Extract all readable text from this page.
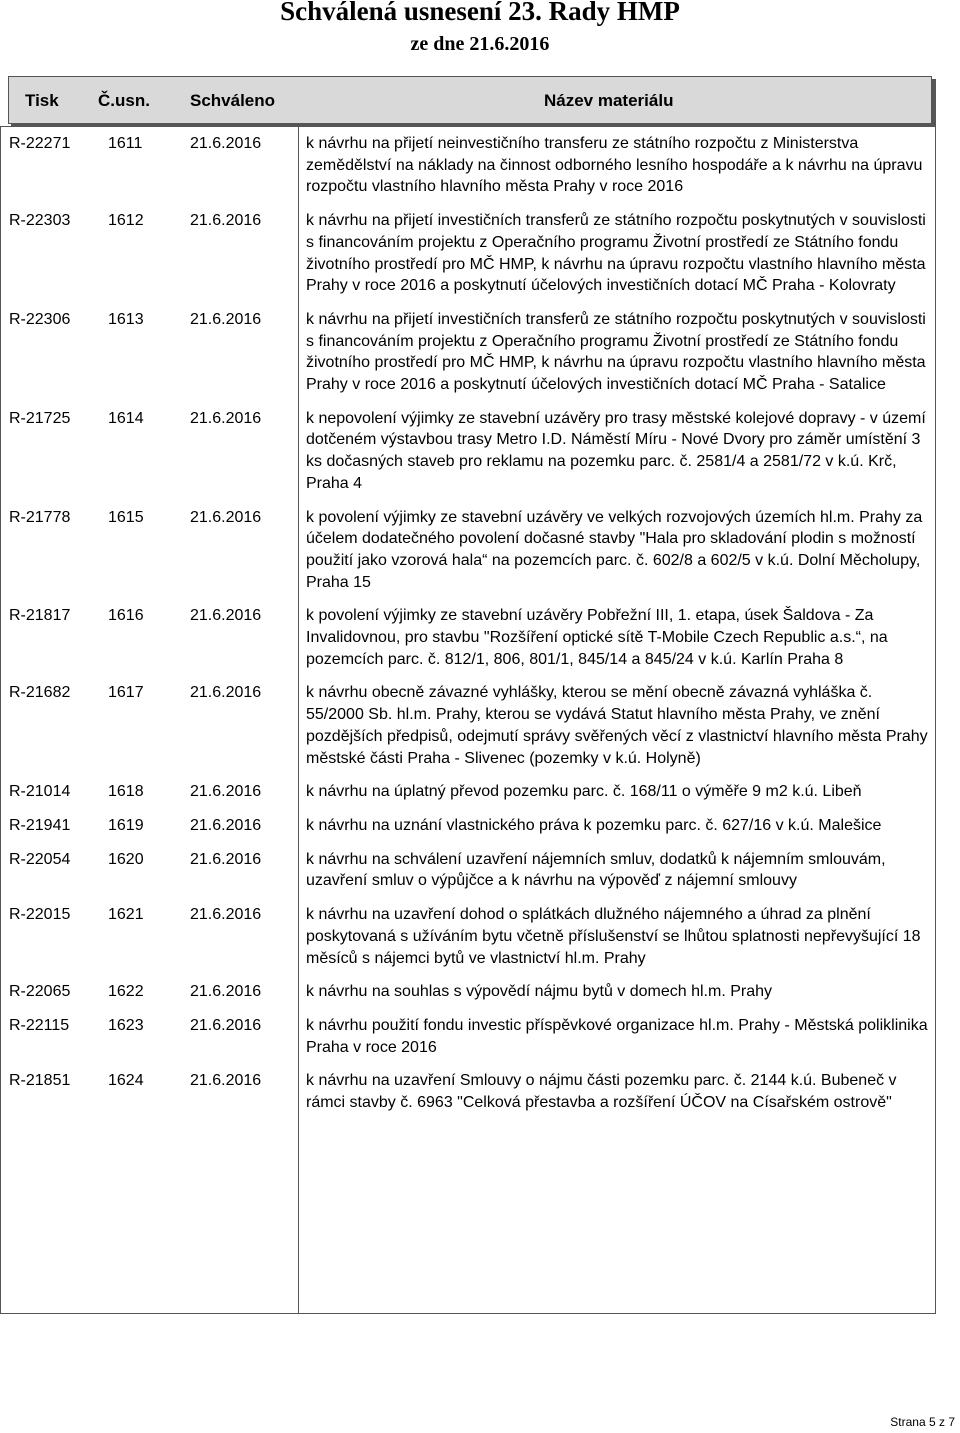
Schválená usnesení 23. Rady HMP
ze dne 21.6.2016
Tisk Č.usn. Schváleno	Název materiálu
R-22271 1611	21.6.2016	k návrhu na přijetí neinvestičního transferu ze státního rozpočtu z Ministerstva zemědělství na náklady na činnost odborného lesního hospodáře a k návrhu na úpravu rozpočtu vlastního hlavního města Prahy v roce 2016
R-22303 1612	21.6.2016	k návrhu na přijetí investičních transferů ze státního rozpočtu poskytnutých v souvislosti s financováním projektu z Operačního programu Životní prostředí ze Státního fondu životního prostředí pro MČ HMP, k návrhu na úpravu rozpočtu vlastního hlavního města Prahy v roce 2016 a poskytnutí účelových investičních dotací MČ Praha - Kolovraty
R-22306 1613	21.6.2016	k návrhu na přijetí investičních transferů ze státního rozpočtu poskytnutých v souvislosti s financováním projektu z Operačního programu Životní prostředí ze Státního fondu životního prostředí pro MČ HMP, k návrhu na úpravu rozpočtu vlastního hlavního města Prahy v roce 2016 a poskytnutí účelových investičních dotací MČ Praha - Satalice
R-21725 1614	21.6.2016	k nepovolení výjimky ze stavební uzávěry pro trasy městské kolejové dopravy - v území dotčeném výstavbou trasy Metro I.D. Náměstí Míru - Nové Dvory pro záměr umístění 3 ks dočasných staveb pro reklamu na pozemku parc. č. 2581/4 a 2581/72 v k.ú. Krč, Praha 4
R-21778 1615	21.6.2016	k povolení výjimky ze stavební uzávěry ve velkých rozvojových územích hl.m. Prahy za účelem dodatečného povolení dočasné stavby "Hala pro skladování plodin s možností použití jako vzorová hala“ na pozemcích parc. č. 602/8 a 602/5 v k.ú. Dolní Měcholupy, Praha 15
R-21817 1616	21.6.2016	k povolení výjimky ze stavební uzávěry Pobřežní III, 1. etapa, úsek Šaldova - Za Invalidovnou, pro stavbu "Rozšíření optické sítě T-Mobile Czech Republic a.s.“, na pozemcích parc. č. 812/1, 806, 801/1, 845/14 a 845/24 v k.ú. Karlín Praha 8
R-21682 1617	21.6.2016	k návrhu obecně závazné vyhlášky, kterou se mění obecně závazná vyhláška č. 55/2000 Sb. hl.m. Prahy, kterou se vydává Statut hlavního města Prahy, ve znění pozdějších předpisů, odejmutí správy svěřených věcí z vlastnictví hlavního města Prahy městské části Praha - Slivenec (pozemky v k.ú. Holyně)
R-21014 1618	21.6.2016	k návrhu na úplatný převod pozemku parc. č. 168/11 o výměře 9 m2 k.ú. Libeň
R-21941 1619	21.6.2016	k návrhu na uznání vlastnického práva k pozemku parc. č. 627/16 v k.ú. Malešice
R-22054 1620	21.6.2016	k návrhu na schválení uzavření nájemních smluv, dodatků k nájemním smlouvám, uzavření smluv o výpůjčce a k návrhu na výpověď z nájemní smlouvy
R-22015 1621	21.6.2016	k návrhu na uzavření dohod o splátkách dlužného nájemného a úhrad za plnění poskytovaná s užíváním bytu včetně příslušenství se lhůtou splatnosti nepřevyšující 18 měsíců s nájemci bytů ve vlastnictví hl.m. Prahy
R-22065 1622	21.6.2016	k návrhu na souhlas s výpovědí nájmu bytů v domech hl.m. Prahy
R-22115 1623	21.6.2016	k návrhu použití fondu investic příspěvkové organizace hl.m. Prahy - Městská poliklinika Praha v roce 2016
R-21851 1624	21.6.2016	k návrhu na uzavření Smlouvy o nájmu části pozemku parc. č. 2144 k.ú. Bubeneč v rámci stavby č. 6963 "Celková přestavba a rozšíření ÚČOV na Císařském ostrově"
Strana 5 z 7
